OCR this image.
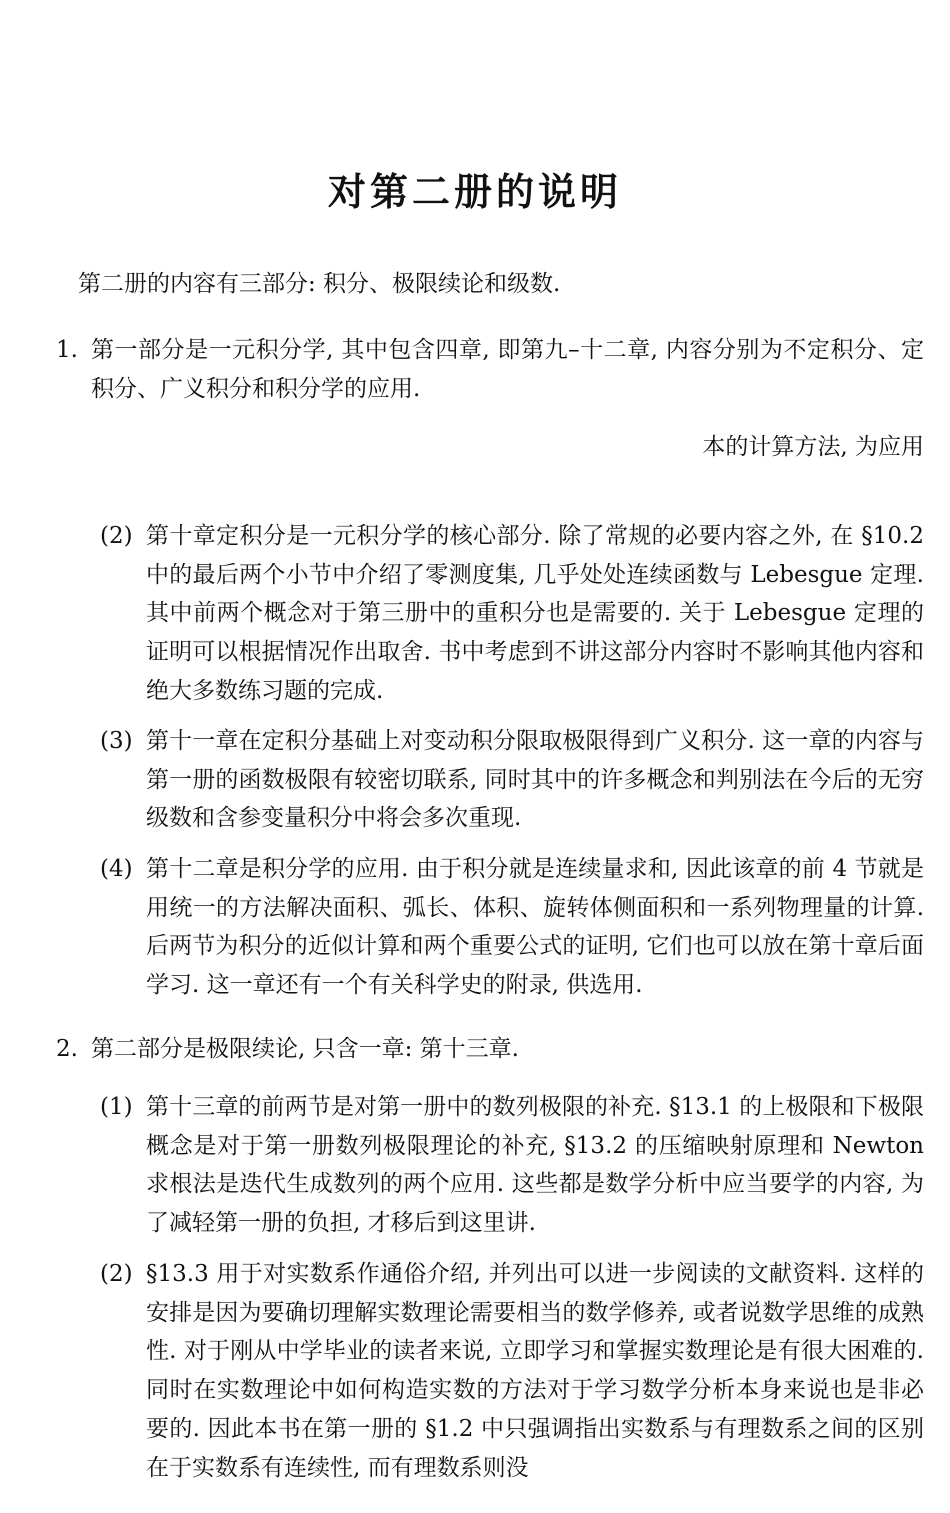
对第二册的说明

第二册的内容有三部分: 积分、极限续论和级数.

1. 第一部分是一元积分学, 其中包含四章, 即第九–十二章, 内容分别为不定积分、定积分、广义积分和积分学的应用.
本的计算方法, 为应用
(2) 第十章定积分是一元积分学的核心部分. 除了常规的必要内容之外, 在 §10.2 中的最后两个小节中介绍了零测度集, 几乎处处连续函数与 Lebesgue 定理. 其中前两个概念对于第三册中的重积分也是需要的. 关于 Lebesgue 定理的证明可以根据情况作出取舍. 书中考虑到不讲这部分内容时不影响其他内容和绝大多数练习题的完成.
(3) 第十一章在定积分基础上对变动积分限取极限得到广义积分. 这一章的内容与第一册的函数极限有较密切联系, 同时其中的许多概念和判别法在今后的无穷级数和含参变量积分中将会多次重现.
(4) 第十二章是积分学的应用. 由于积分就是连续量求和, 因此该章的前 4 节就是用统一的方法解决面积、弧长、体积、旋转体侧面积和一系列物理量的计算. 后两节为积分的近似计算和两个重要公式的证明, 它们也可以放在第十章后面学习. 这一章还有一个有关科学史的附录, 供选用.
2. 第二部分是极限续论, 只含一章: 第十三章.
(1) 第十三章的前两节是对第一册中的数列极限的补充. §13.1 的上极限和下极限概念是对于第一册数列极限理论的补充, §13.2 的压缩映射原理和 Newton 求根法是迭代生成数列的两个应用. 这些都是数学分析中应当要学的内容, 为了减轻第一册的负担, 才移后到这里讲.
(2) §13.3 用于对实数系作通俗介绍, 并列出可以进一步阅读的文献资料. 这样的安排是因为要确切理解实数理论需要相当的数学修养, 或者说数学思维的成熟性. 对于刚从中学毕业的读者来说, 立即学习和掌握实数理论是有很大困难的. 同时在实数理论中如何构造实数的方法对于学习数学分析本身来说也是非必要的. 因此本书在第一册的 §1.2 中只强调指出实数系与有理数系之间的区别在于实数系有连续性, 而有理数系则没
